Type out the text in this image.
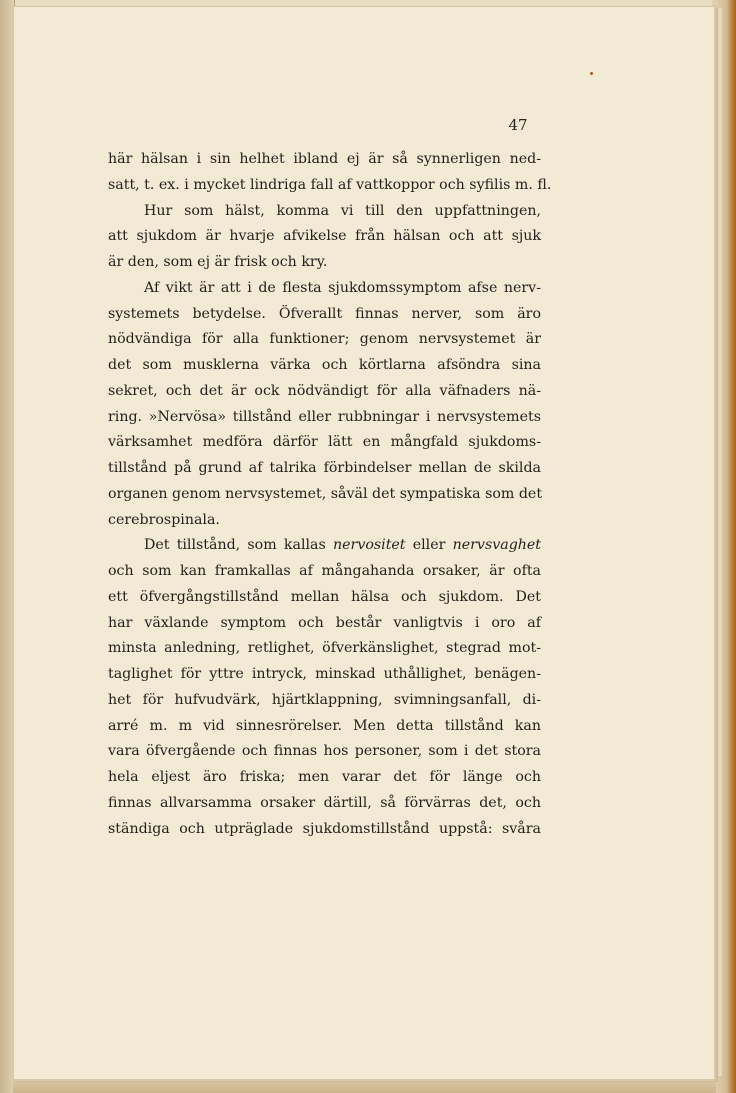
47
här hälsan i sin helhet ibland ej är så synnerligen ned-
satt, t. ex. i mycket lindriga fall af vattkoppor och syfilis m. fl.
Hur som hälst, komma vi till den uppfattningen,
att sjukdom är hvarje afvikelse från hälsan och att sjuk
är den, som ej är frisk och kry.
Af vikt är att i de flesta sjukdomssymptom afse nerv-
systemets betydelse. Öfverallt finnas nerver, som äro
nödvändiga för alla funktioner; genom nervsystemet är
det som musklerna värka och körtlarna afsöndra sina
sekret, och det är ock nödvändigt för alla väfnaders nä-
ring. »Nervösa» tillstånd eller rubbningar i nervsystemets
värksamhet medföra därför lätt en mångfald sjukdoms-
tillstånd på grund af talrika förbindelser mellan de skilda
organen genom nervsystemet, såväl det sympatiska som det
cerebrospinala.
Det tillstånd, som kallas nervositet eller nervsvaghet
och som kan framkallas af mångahanda orsaker, är ofta
ett öfvergångstillstånd mellan hälsa och sjukdom. Det
har växlande symptom och består vanligtvis i oro af
minsta anledning, retlighet, öfverkänslighet, stegrad mot-
taglighet för yttre intryck, minskad uthållighet, benägen-
het för hufvudvärk, hjärtklappning, svimningsanfall, di-
arré m. m vid sinnesrörelser. Men detta tillstånd kan
vara öfvergående och finnas hos personer, som i det stora
hela eljest äro friska; men varar det för länge och
finnas allvarsamma orsaker därtill, så förvärras det, och
ständiga och utpräglade sjukdomstillstånd uppstå: svåra
